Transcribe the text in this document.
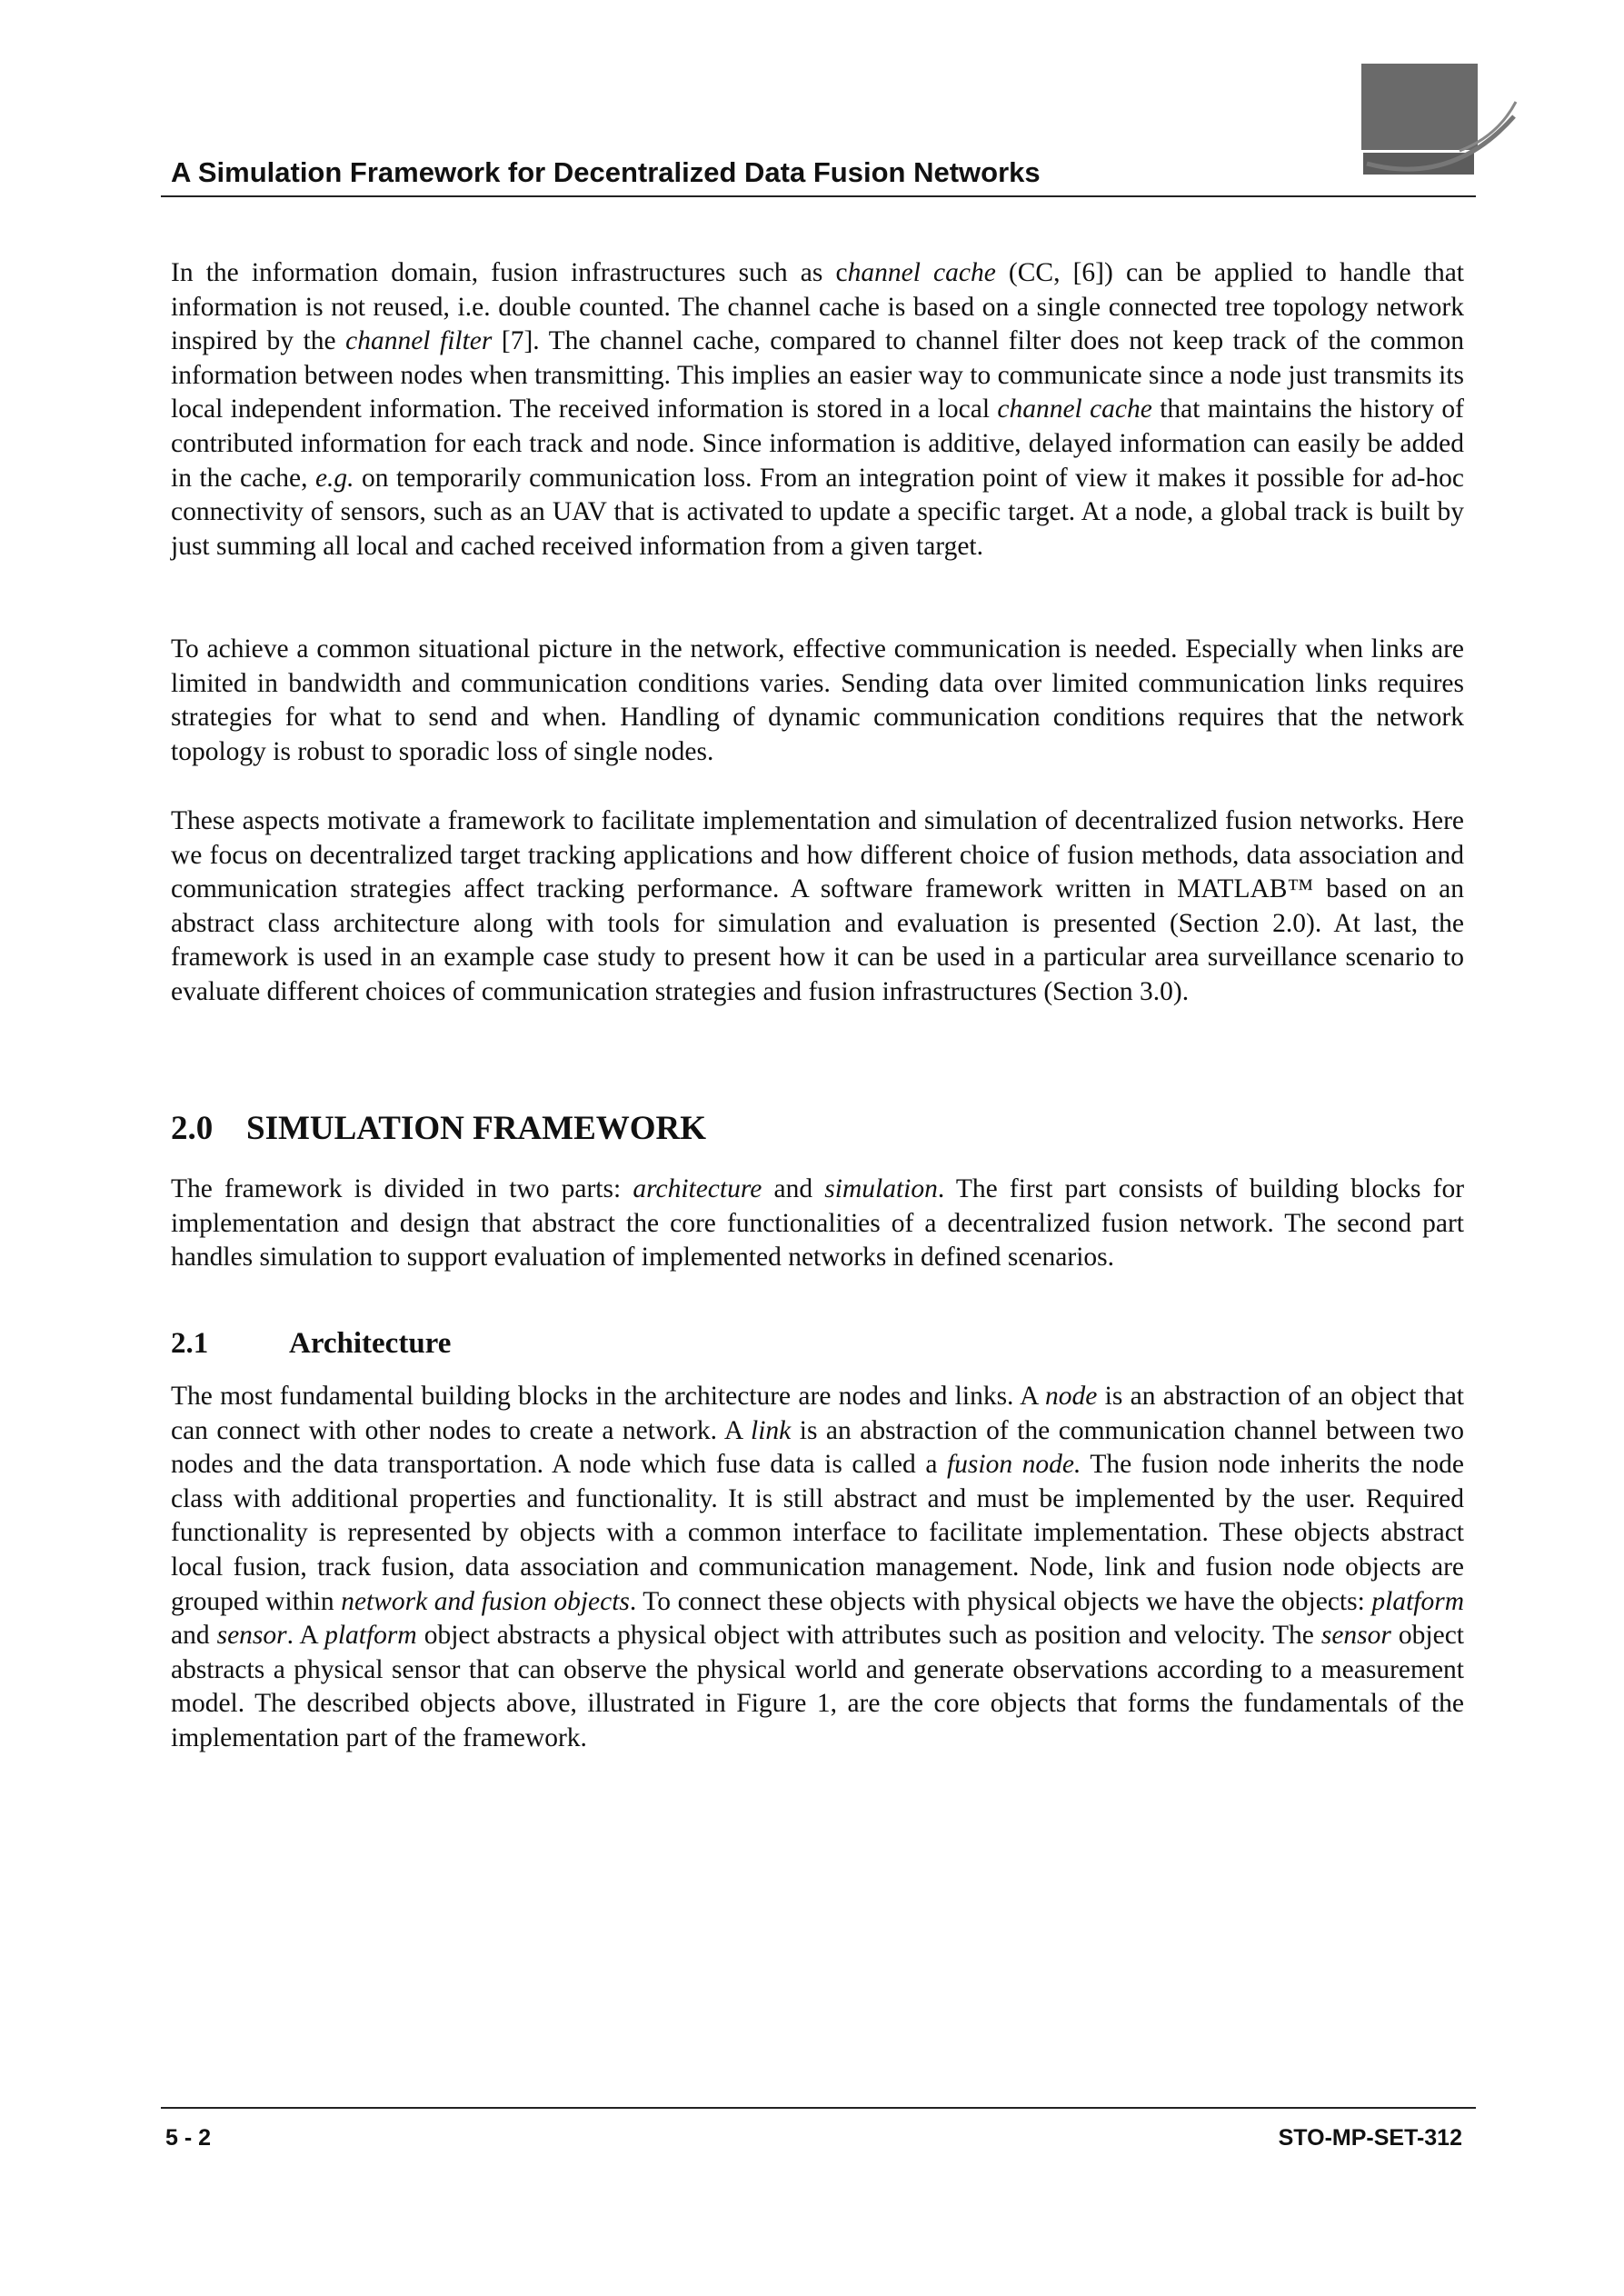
A Simulation Framework for Decentralized Data Fusion Networks

In the information domain, fusion infrastructures such as channel cache (CC, [6]) can be applied to handle that information is not reused, i.e. double counted. The channel cache is based on a single connected tree topology network inspired by the channel filter [7]. The channel cache, compared to channel filter does not keep track of the common information between nodes when transmitting. This implies an easier way to communicate since a node just transmits its local independent information. The received information is stored in a local channel cache that maintains the history of contributed information for each track and node. Since information is additive, delayed information can easily be added in the cache, e.g. on temporarily communication loss. From an integration point of view it makes it possible for ad-hoc connectivity of sensors, such as an UAV that is activated to update a specific target. At a node, a global track is built by just summing all local and cached received information from a given target.

To achieve a common situational picture in the network, effective communication is needed. Especially when links are limited in bandwidth and communication conditions varies. Sending data over limited communication links requires strategies for what to send and when. Handling of dynamic communication conditions requires that the network topology is robust to sporadic loss of single nodes.

These aspects motivate a framework to facilitate implementation and simulation of decentralized fusion networks. Here we focus on decentralized target tracking applications and how different choice of fusion methods, data association and communication strategies affect tracking performance. A software framework written in MATLAB™ based on an abstract class architecture along with tools for simulation and evaluation is presented (Section 2.0). At last, the framework is used in an example case study to present how it can be used in a particular area surveillance scenario to evaluate different choices of communication strategies and fusion infrastructures (Section 3.0).

2.0 SIMULATION FRAMEWORK

The framework is divided in two parts: architecture and simulation. The first part consists of building blocks for implementation and design that abstract the core functionalities of a decentralized fusion network. The second part handles simulation to support evaluation of implemented networks in defined scenarios.

2.1	Architecture

The most fundamental building blocks in the architecture are nodes and links. A node is an abstraction of an object that can connect with other nodes to create a network. A link is an abstraction of the communication channel between two nodes and the data transportation. A node which fuse data is called a fusion node. The fusion node inherits the node class with additional properties and functionality. It is still abstract and must be implemented by the user. Required functionality is represented by objects with a common interface to facilitate implementation. These objects abstract local fusion, track fusion, data association and communication management. Node, link and fusion node objects are grouped within network and fusion objects. To connect these objects with physical objects we have the objects: platform and sensor. A platform object abstracts a physical object with attributes such as position and velocity. The sensor object abstracts a physical sensor that can observe the physical world and generate observations according to a measurement model. The described objects above, illustrated in Figure 1, are the core objects that forms the fundamentals of the implementation part of the framework.

5 - 2	STO-MP-SET-312
